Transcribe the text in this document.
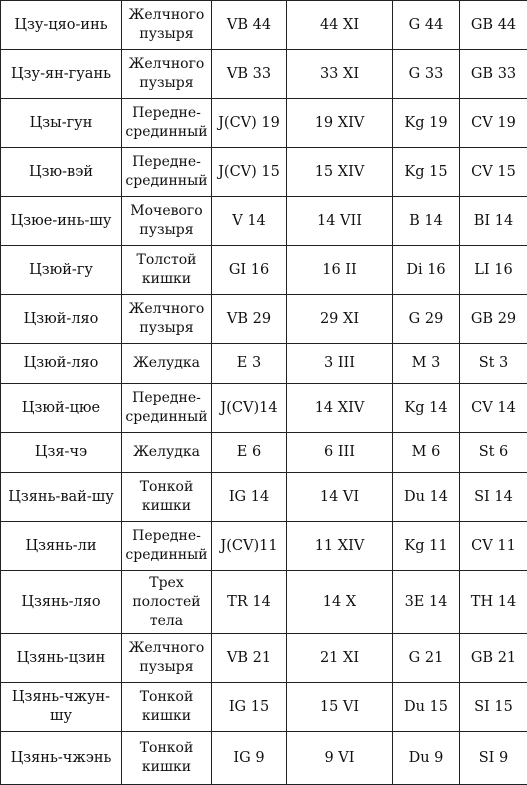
Цзу-цяо-инь	Желчного
пузыря	VB 44	44 XI	G 44	GB 44

Цзу-ян-гуань	Желчного
пузыря	VB 33	33 XI	G 33	GB 33

Цзы-гун	Передне-
срединный	J(CV) 19	19 XIV	Kg 19	CV 19

Цзю-вэй	Передне-
срединный	J(CV) 15	15 XIV	Kg 15	CV 15

Цзюе-инь-шу	Мочевого
пузыря	V 14	14 VII	B 14	BI 14

Цзюй-гу	Толстой
кишки	GI 16	16 II	Di 16	LI 16

Цзюй-ляо	Желчного
пузыря	VB 29	29 XI	G 29	GB 29

Цзюй-ляо	Желудка	E 3	3 III	M 3	St 3

Цзюй-цюе	Передне-
срединный	J(CV)14	14 XIV	Kg 14	CV 14

Цзя-чэ	Желудка	E 6	6 III	M 6	St 6

Цзянь-вай-шу	Тонкой
кишки	IG 14	14 VI	Du 14	SI 14

Цзянь-ли	Передне-
срединный	J(CV)11	11 XIV	Kg 11	CV 11

Цзянь-ляо	Трех
полостей
тела	TR 14	14 X	3E 14	TH 14

Цзянь-цзин	Желчного
пузыря	VB 21	21 XI	G 21	GB 21

Цзянь-чжун-
шу	Тонкой
кишки	IG 15	15 VI	Du 15	SI 15

Цзянь-чжэнь	Тонкой
кишки	IG 9	9 VI	Du 9	SI 9
